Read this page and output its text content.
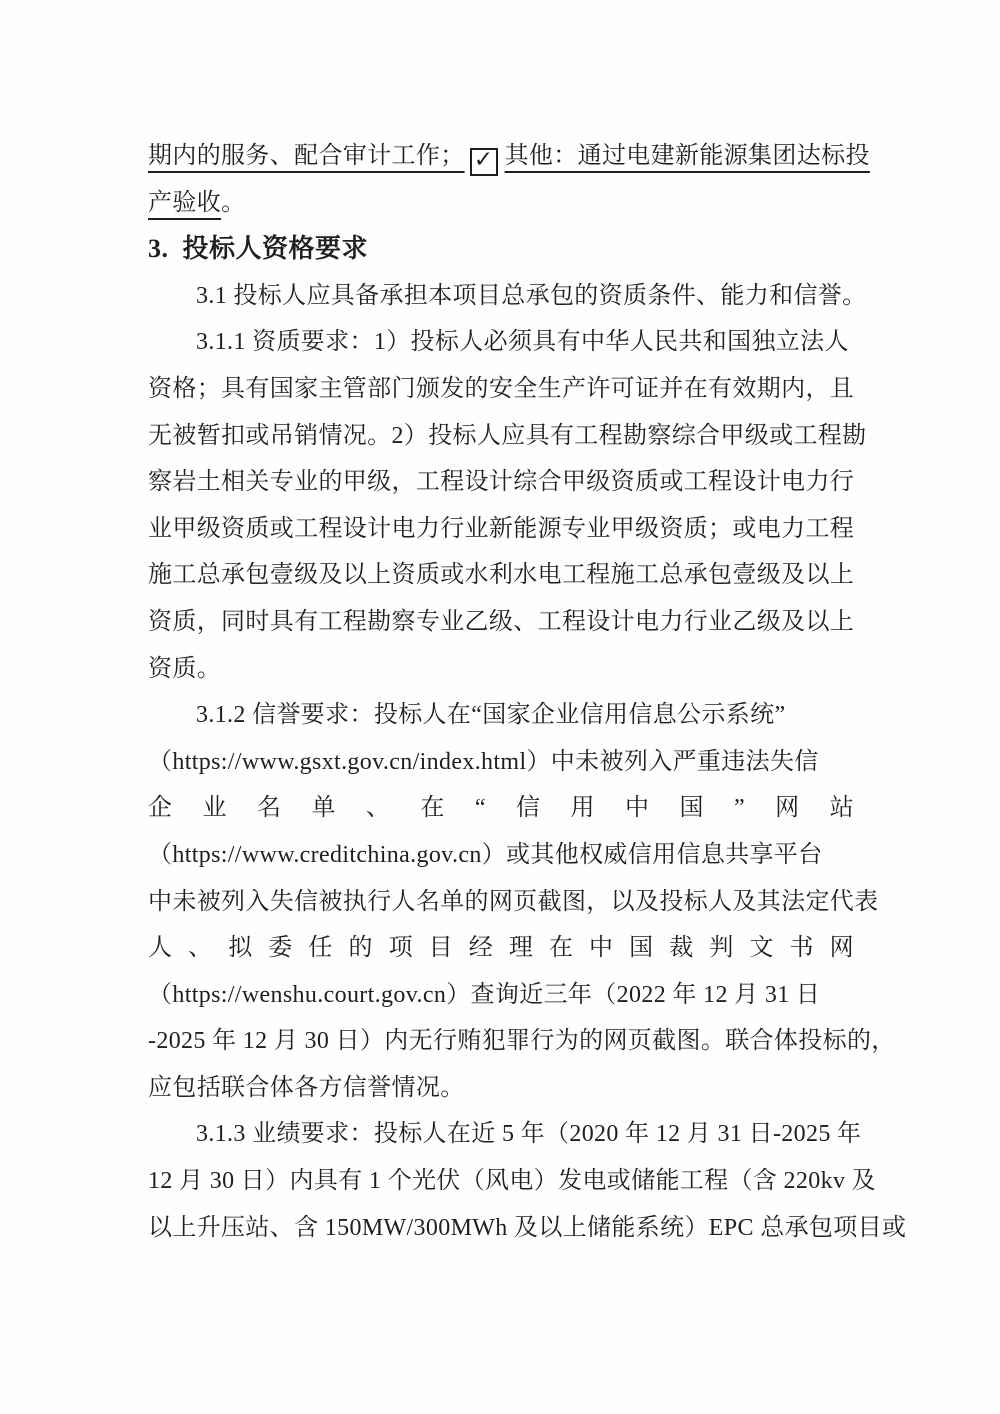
期内的服务、配合审计工作； ✓ 其他：通过电建新能源集团达标投
产验收。
3.  投标人资格要求
3.1 投标人应具备承担本项目总承包的资质条件、能力和信誉。
3.1.1 资质要求：1）投标人必须具有中华人民共和国独立法人
资格；具有国家主管部门颁发的安全生产许可证并在有效期内，且
无被暂扣或吊销情况。2）投标人应具有工程勘察综合甲级或工程勘
察岩土相关专业的甲级，工程设计综合甲级资质或工程设计电力行
业甲级资质或工程设计电力行业新能源专业甲级资质；或电力工程
施工总承包壹级及以上资质或水利水电工程施工总承包壹级及以上
资质，同时具有工程勘察专业乙级、工程设计电力行业乙级及以上
资质。
3.1.2 信誉要求：投标人在“国家企业信用信息公示系统”
（https://www.gsxt.gov.cn/index.html）中未被列入严重违法失信
企业名单、在“信用中国”网站
（https://www.creditchina.gov.cn）或其他权威信用信息共享平台
中未被列入失信被执行人名单的网页截图，以及投标人及其法定代表
人、拟委任的项目经理在中国裁判文书网
（https://wenshu.court.gov.cn）查询近三年（2022 年 12 月 31 日
-2025 年 12 月 30 日）内无行贿犯罪行为的网页截图。联合体投标的，
应包括联合体各方信誉情况。
3.1.3 业绩要求：投标人在近 5 年（2020 年 12 月 31 日-2025 年
12 月 30 日）内具有 1 个光伏（风电）发电或储能工程（含 220kv 及
以上升压站、含 150MW/300MWh 及以上储能系统）EPC 总承包项目或
